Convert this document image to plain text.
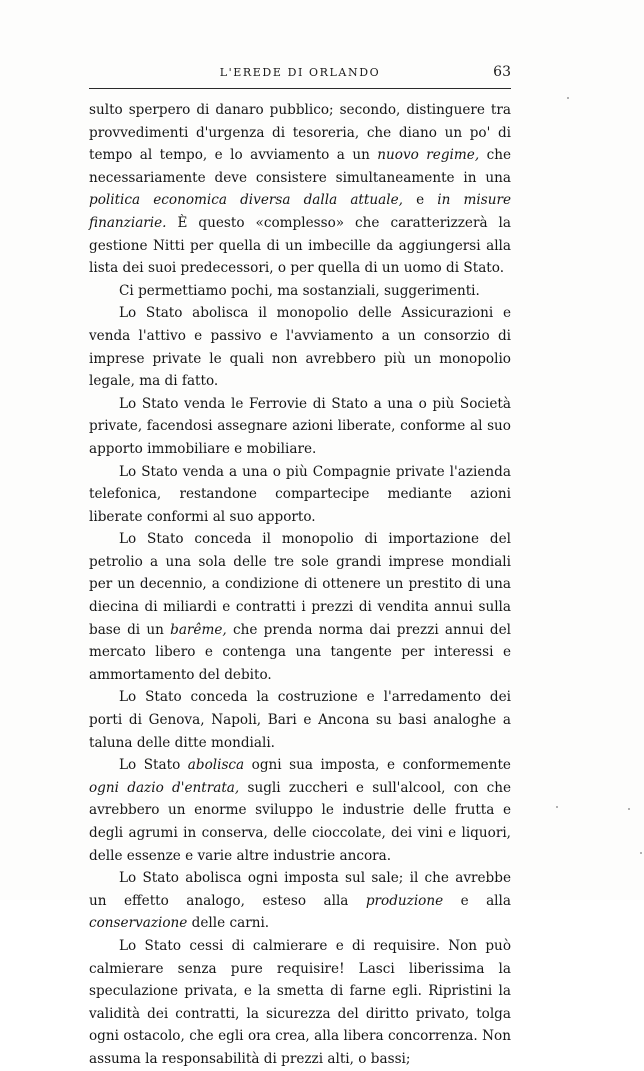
L'EREDE DI ORLANDO	63

sulto sperpero di danaro pubblico; secondo, distinguere tra provvedimenti d'urgenza di tesoreria, che diano un po' di tempo al tempo, e lo avviamento a un nuovo regime, che necessariamente deve consistere simultaneamente in una politica economica diversa dalla attuale, e in misure finanziarie. È questo «complesso» che caratterizzerà la gestione Nitti per quella di un imbecille da aggiungersi alla lista dei suoi predecessori, o per quella di un uomo di Stato.

Ci permettiamo pochi, ma sostanziali, suggerimenti.

Lo Stato abolisca il monopolio delle Assicurazioni e venda l'attivo e passivo e l'avviamento a un consorzio di imprese private le quali non avrebbero più un monopolio legale, ma di fatto.

Lo Stato venda le Ferrovie di Stato a una o più Società private, facendosi assegnare azioni liberate, conforme al suo apporto immobiliare e mobiliare.

Lo Stato venda a una o più Compagnie private l'azienda telefonica, restandone compartecipe mediante azioni liberate conformi al suo apporto.

Lo Stato conceda il monopolio di importazione del petrolio a una sola delle tre sole grandi imprese mondiali per un decennio, a condizione di ottenere un prestito di una diecina di miliardi e contratti i prezzi di vendita annui sulla base di un barême, che prenda norma dai prezzi annui del mercato libero e contenga una tangente per interessi e ammortamento del debito.

Lo Stato conceda la costruzione e l'arredamento dei porti di Genova, Napoli, Bari e Ancona su basi analoghe a taluna delle ditte mondiali.

Lo Stato abolisca ogni sua imposta, e conformemente ogni dazio d'entrata, sugli zuccheri e sull'alcool, con che avrebbero un enorme sviluppo le industrie delle frutta e degli agrumi in conserva, delle cioccolate, dei vini e liquori, delle essenze e varie altre industrie ancora.

Lo Stato abolisca ogni imposta sul sale; il che avrebbe un effetto analogo, esteso alla produzione e alla conservazione delle carni.

Lo Stato cessi di calmierare e di requisire. Non può calmierare senza pure requisire! Lasci liberissima la speculazione privata, e la smetta di farne egli. Ripristini la validità dei contratti, la sicurezza del diritto privato, tolga ogni ostacolo, che egli ora crea, alla libera concorrenza. Non assuma la responsabilità di prezzi alti, o bassi;
